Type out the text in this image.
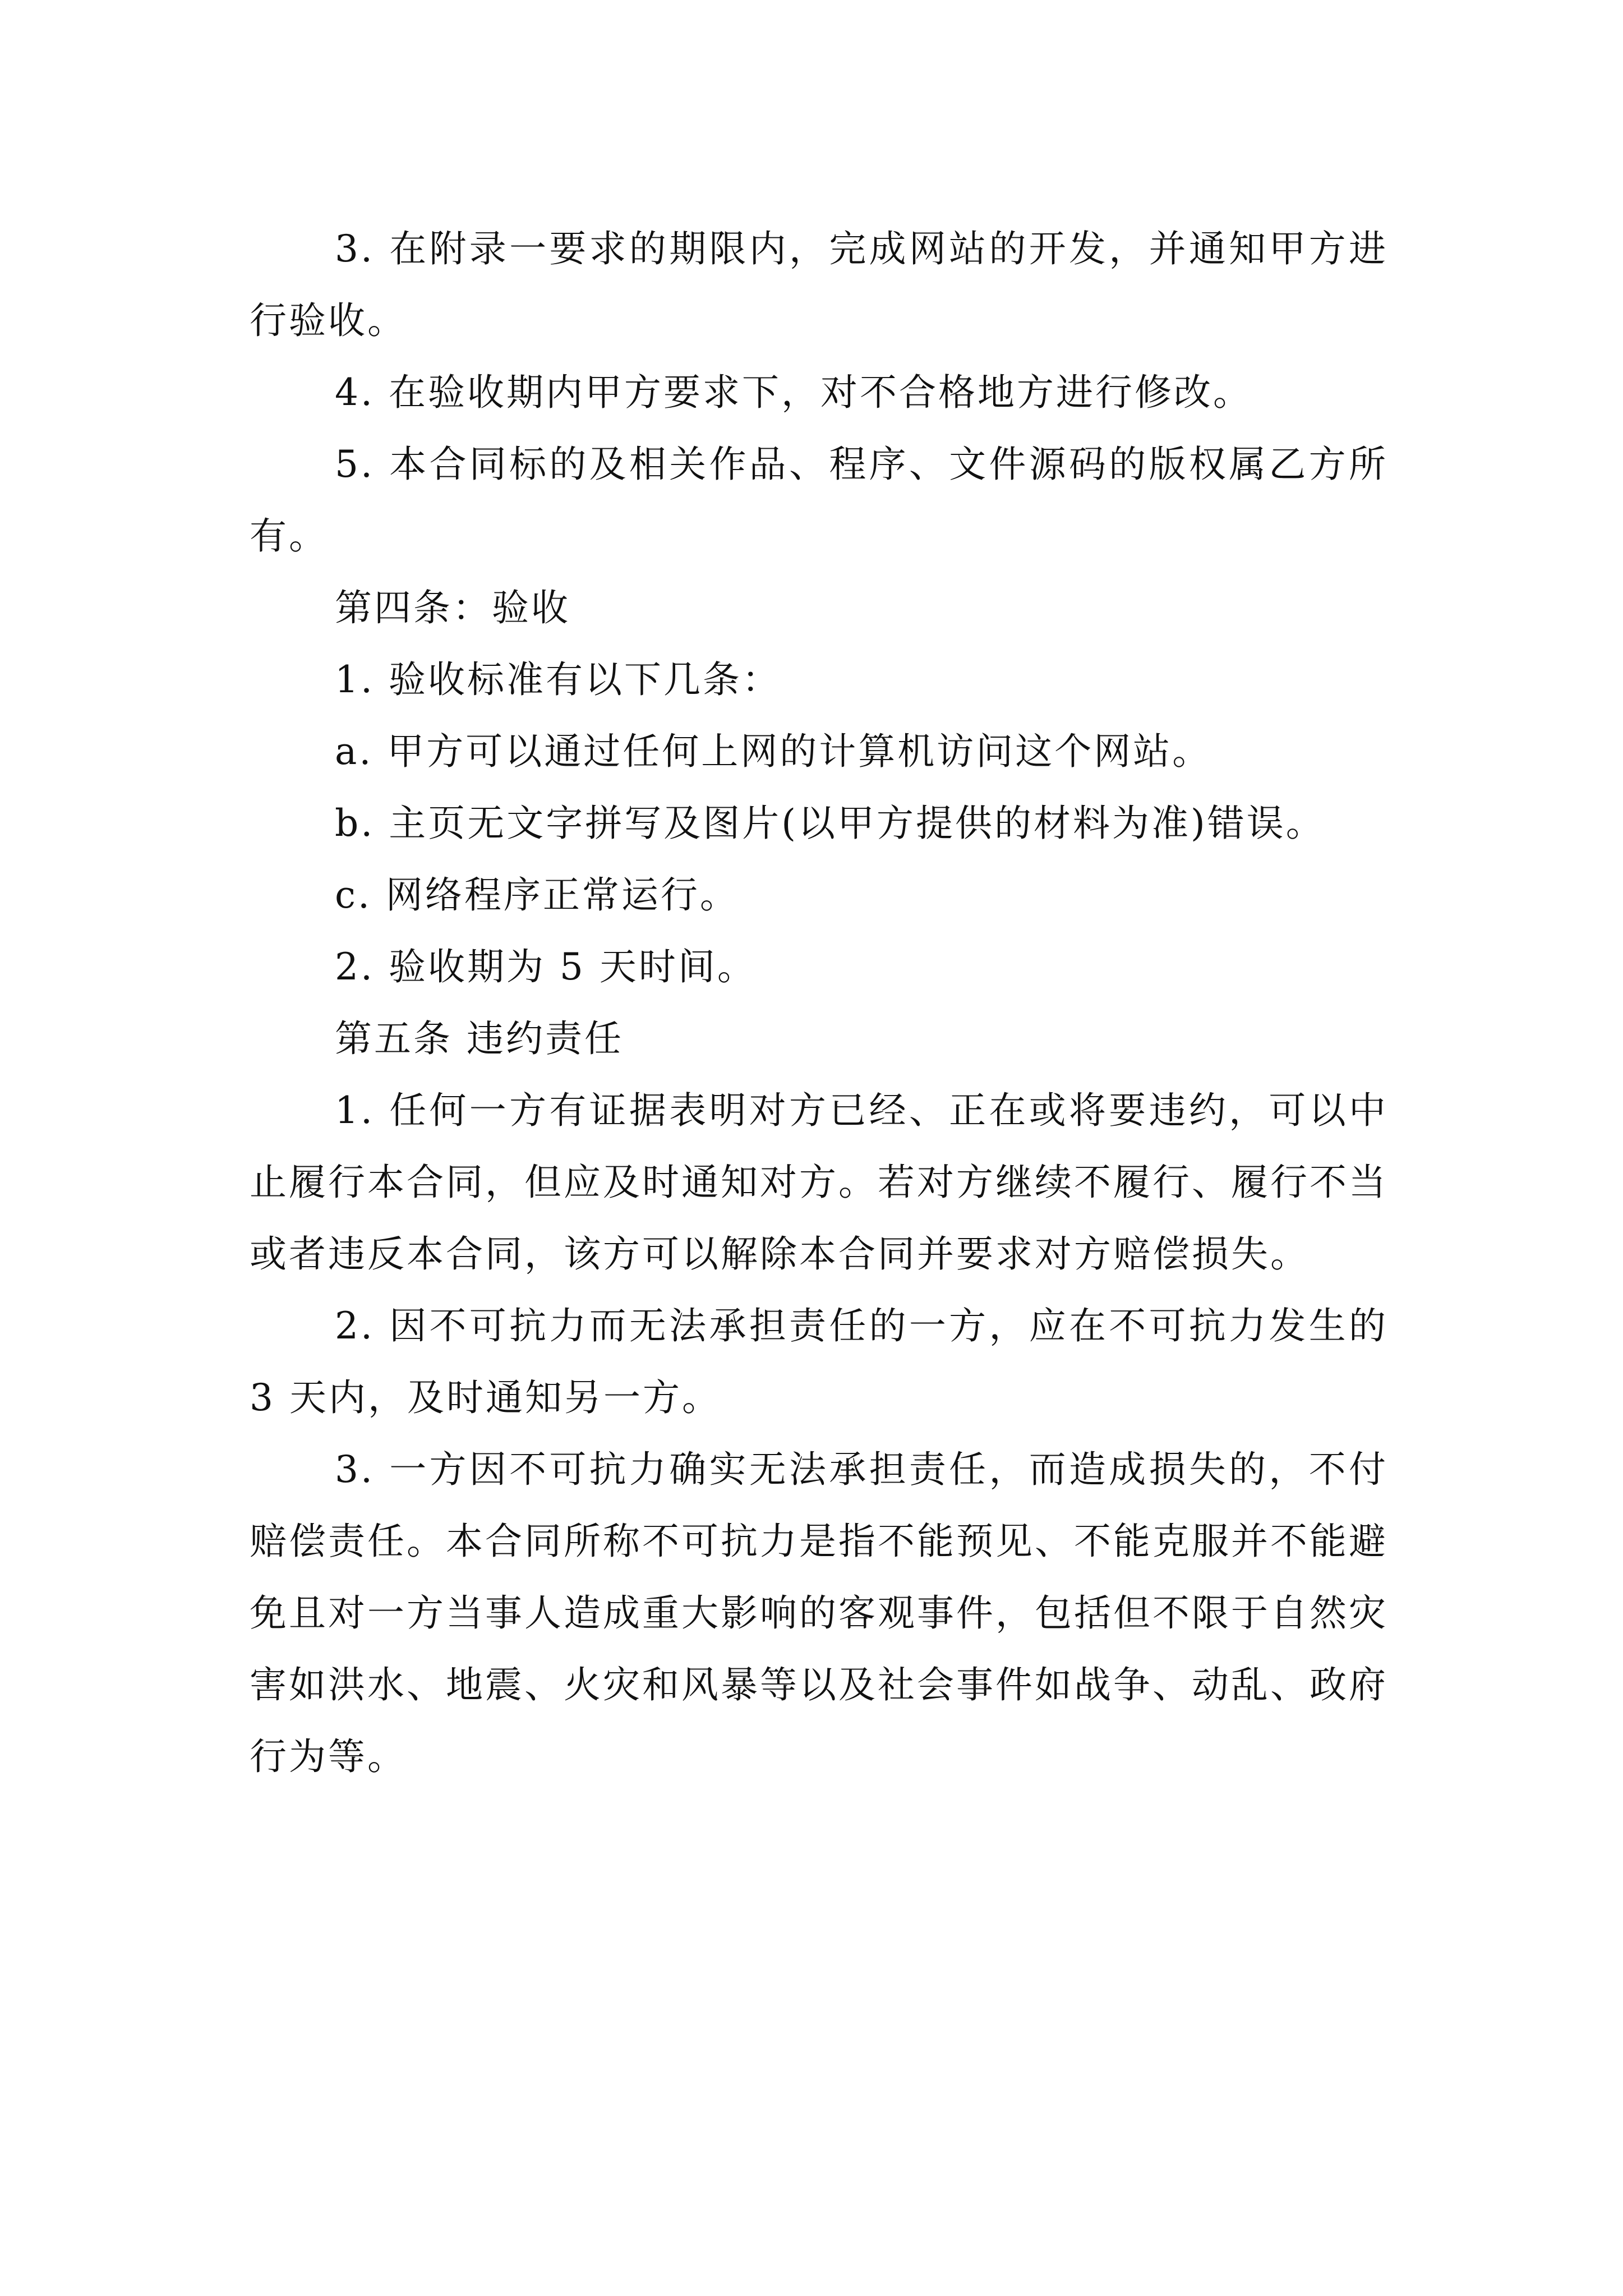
3. 在附录一要求的期限内，完成网站的开发，并通知甲方进行验收。

4. 在验收期内甲方要求下，对不合格地方进行修改。

5. 本合同标的及相关作品、程序、文件源码的版权属乙方所有。

第四条：验收

1. 验收标准有以下几条：

a. 甲方可以通过任何上网的计算机访问这个网站。

b. 主页无文字拼写及图片(以甲方提供的材料为准)错误。

c. 网络程序正常运行。

2. 验收期为 5 天时间。

第五条 违约责任

1. 任何一方有证据表明对方已经、正在或将要违约，可以中止履行本合同，但应及时通知对方。若对方继续不履行、履行不当或者违反本合同，该方可以解除本合同并要求对方赔偿损失。

2. 因不可抗力而无法承担责任的一方，应在不可抗力发生的 3 天内，及时通知另一方。

3. 一方因不可抗力确实无法承担责任，而造成损失的，不付赔偿责任。本合同所称不可抗力是指不能预见、不能克服并不能避免且对一方当事人造成重大影响的客观事件，包括但不限于自然灾害如洪水、地震、火灾和风暴等以及社会事件如战争、动乱、政府行为等。
